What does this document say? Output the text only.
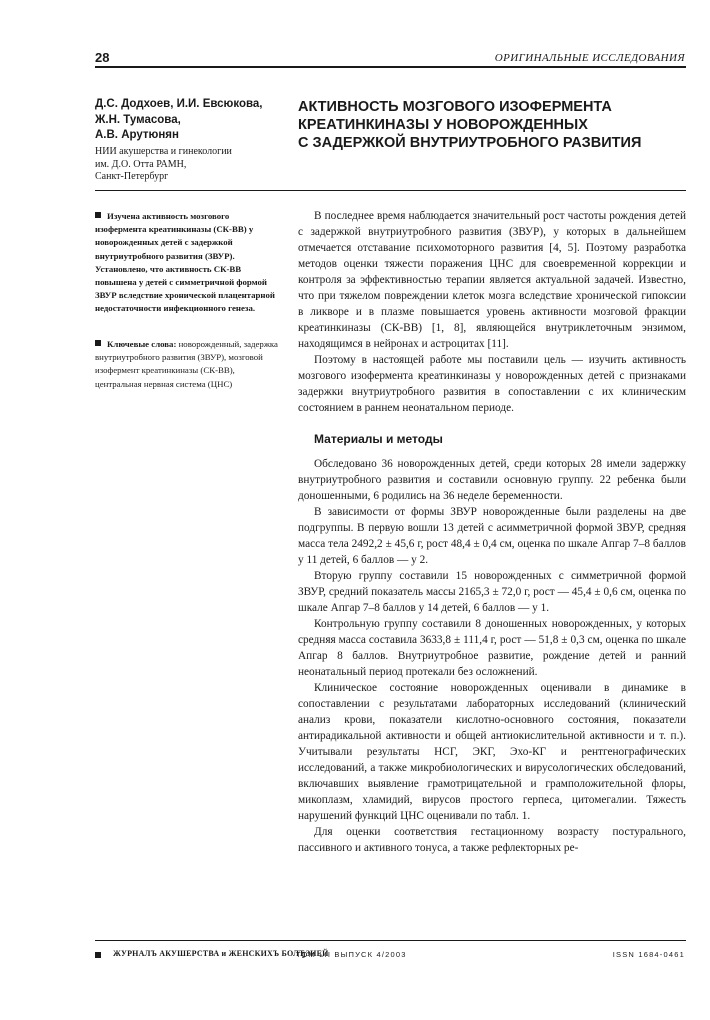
28	ОРИГИНАЛЬНЫЕ ИССЛЕДОВАНИЯ
Д.С. Додхоев, И.И. Евсюкова,
Ж.Н. Тумасова,
А.В. Арутюнян
НИИ акушерства и гинекологии
им. Д.О. Отта РАМН,
Санкт-Петербург
АКТИВНОСТЬ МОЗГОВОГО ИЗОФЕРМЕНТА
КРЕАТИНКИНАЗЫ У НОВОРОЖДЕННЫХ
С ЗАДЕРЖКОЙ ВНУТРИУТРОБНОГО РАЗВИТИЯ
Изучена активность мозгового изофермента креатинкиназы (СК-ВВ) у новорожденных детей с задержкой внутриутробного развития (ЗВУР). Установлено, что активность СК-ВВ повышена у детей с симметричной формой ЗВУР вследствие хронической плацентарной недостаточности инфекционного генеза.
Ключевые слова: новорожденный, задержка внутриутробного развития (ЗВУР), мозговой изофермент креатинкиназы (СК-ВВ), центральная нервная система (ЦНС)

В последнее время наблюдается значительный рост частоты рождения детей с задержкой внутриутробного развития (ЗВУР), у которых в дальнейшем отмечается отставание психомоторного развития [4, 5]. Поэтому разработка методов оценки тяжести поражения ЦНС для своевременной коррекции и контроля за эффективностью терапии является актуальной задачей. Известно, что при тяжелом повреждении клеток мозга вследствие хронической гипоксии в ликворе и в плазме повышается уровень активности мозговой фракции креатинкиназы (СК-ВВ) [1, 8], являющейся внутриклеточным энзимом, находящимся в нейронах и астроцитах [11].

Поэтому в настоящей работе мы поставили цель — изучить активность мозгового изофермента креатинкиназы у новорожденных детей с признаками задержки внутриутробного развития в сопоставлении с их клиническим состоянием в раннем неонатальном периоде.

Материалы и методы

Обследовано 36 новорожденных детей, среди которых 28 имели задержку внутриутробного развития и составили основную группу. 22 ребенка были доношенными, 6 родились на 36 неделе беременности.

В зависимости от формы ЗВУР новорожденные были разделены на две подгруппы. В первую вошли 13 детей с асимметричной формой ЗВУР, средняя масса тела 2492,2 ± 45,6 г, рост 48,4 ± 0,4 см, оценка по шкале Апгар 7–8 баллов у 11 детей, 6 баллов — у 2.

Вторую группу составили 15 новорожденных с симметричной формой ЗВУР, средний показатель массы 2165,3 ± 72,0 г, рост — 45,4 ± 0,6 см, оценка по шкале Апгар 7–8 баллов у 14 детей, 6 баллов — у 1.

Контрольную группу составили 8 доношенных новорожденных, у которых средняя масса составила 3633,8 ± 111,4 г, рост — 51,8 ± 0,3 см, оценка по шкале Апгар 8 баллов. Внутриутробное развитие, рождение детей и ранний неонатальный период протекали без осложнений.

Клиническое состояние новорожденных оценивали в динамике в сопоставлении с результатами лабораторных исследований (клинический анализ крови, показатели кислотно-основного состояния, показатели антирадикальной активности и общей антиокислительной активности и т. п.). Учитывали результаты НСГ, ЭКГ, Эхо-КГ и рентгенографических исследований, а также микробиологических и вирусологических обследований, включавших выявление грамотрицательной и грамположительной флоры, микоплазм, хламидий, вирусов простого герпеса, цитомегалии. Тяжесть нарушений функций ЦНС оценивали по табл. 1.

Для оценки соответствия гестационному возрасту постурального, пассивного и активного тонуса, а также рефлекторных ре-

ЖУРНАЛЪ АКУШЕРСТВА и ЖЕНСКИХЪ БОЛЂЗНЕЙ
ТОМ LII ВЫПУСК 4/2003	ISSN 1684-0461
